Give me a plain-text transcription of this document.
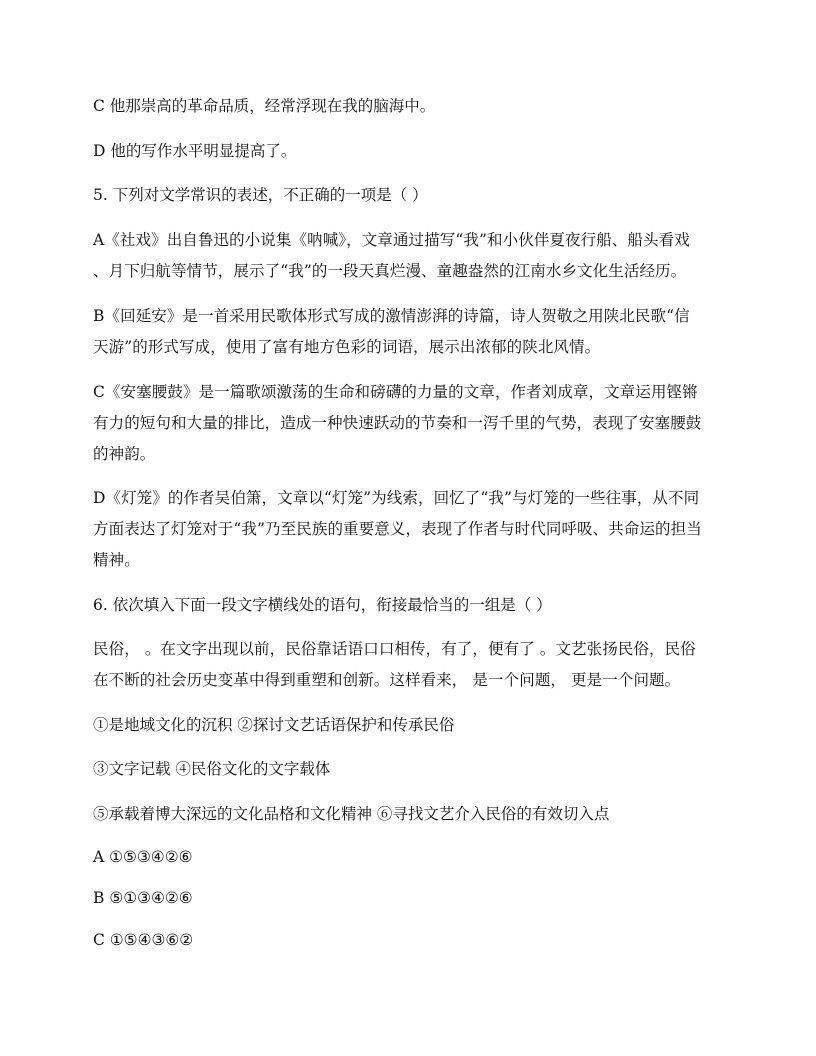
C 他那崇高的革命品质，经常浮现在我的脑海中。
D 他的写作水平明显提高了。
5. 下列对文学常识的表述，不正确的一项是（ ）
A《社戏》出自鲁迅的小说集《呐喊》，文章通过描写“我”和小伙伴夏夜行船、船头看戏
、月下归航等情节，展示了“我”的一段天真烂漫、童趣盎然的江南水乡文化生活经历。
B《回延安》是一首采用民歌体形式写成的激情澎湃的诗篇，诗人贺敬之用陕北民歌“信
天游”的形式写成，使用了富有地方色彩的词语，展示出浓郁的陕北风情。
C《安塞腰鼓》是一篇歌颂激荡的生命和磅礴的力量的文章，作者刘成章，文章运用铿锵
有力的短句和大量的排比，造成一种快速跃动的节奏和一泻千里的气势，表现了安塞腰鼓
的神韵。
D《灯笼》的作者吴伯箫，文章以“灯笼”为线索，回忆了“我”与灯笼的一些往事，从不同
方面表达了灯笼对于“我”乃至民族的重要意义，表现了作者与时代同呼吸、共命运的担当
精神。
6. 依次填入下面一段文字横线处的语句，衔接最恰当的一组是（ ）
民俗， 。在文字出现以前，民俗靠话语口口相传，有了，便有了 。文艺张扬民俗，民俗
在不断的社会历史变革中得到重塑和创新。这样看来， 是一个问题， 更是一个问题。
①是地域文化的沉积 ②探讨文艺话语保护和传承民俗
③文字记载 ④民俗文化的文字载体
⑤承载着博大深远的文化品格和文化精神 ⑥寻找文艺介入民俗的有效切入点
A ①⑤③④②⑥
B ⑤①③④②⑥
C ①⑤④③⑥②
